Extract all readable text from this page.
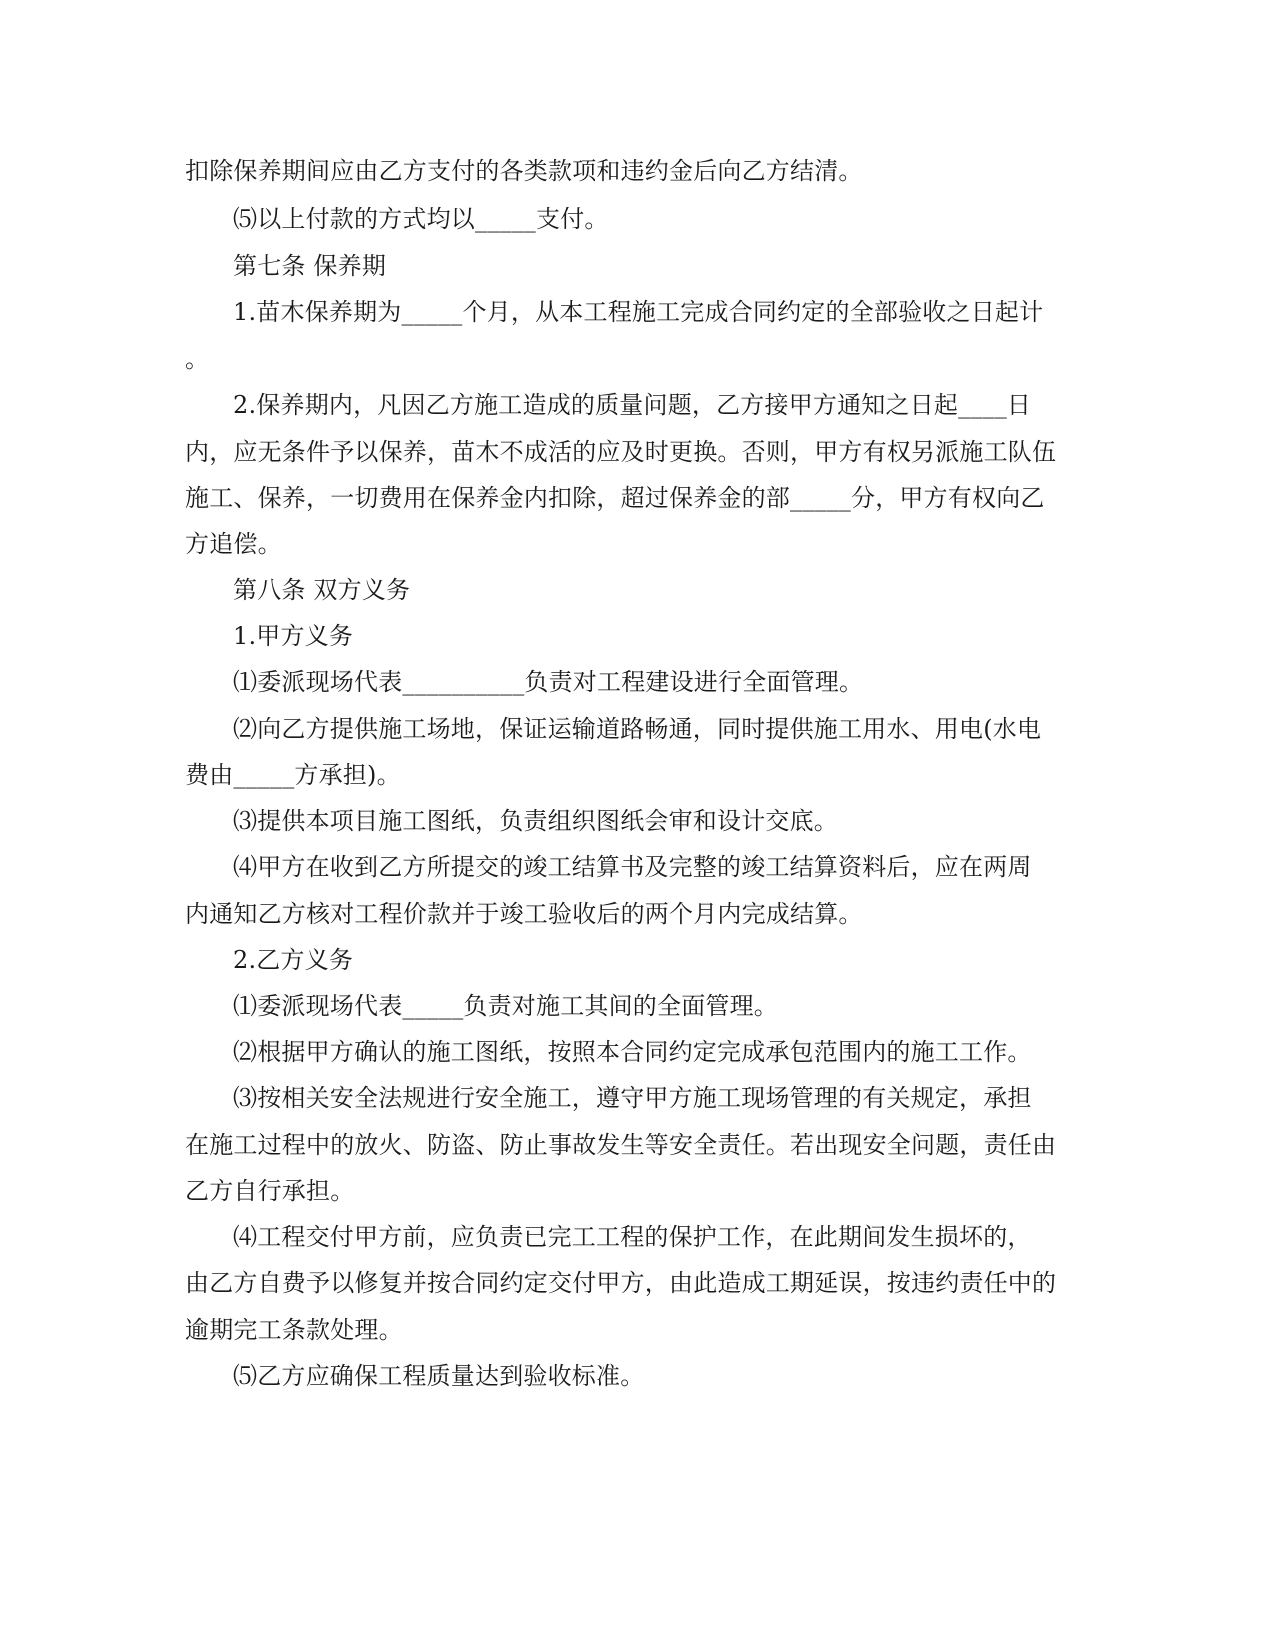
扣除保养期间应由乙方支付的各类款项和违约金后向乙方结清。

⑸以上付款的方式均以_____支付。

第七条 保养期

1.苗木保养期为_____个月，从本工程施工完成合同约定的全部验收之日起计

。

2.保养期内，凡因乙方施工造成的质量问题，乙方接甲方通知之日起____日

内，应无条件予以保养，苗木不成活的应及时更换。否则，甲方有权另派施工队伍

施工、保养，一切费用在保养金内扣除，超过保养金的部_____分，甲方有权向乙

方追偿。

第八条 双方义务

1.甲方义务

⑴委派现场代表__________负责对工程建设进行全面管理。

⑵向乙方提供施工场地，保证运输道路畅通，同时提供施工用水、用电(水电

费由_____方承担)。

⑶提供本项目施工图纸，负责组织图纸会审和设计交底。

⑷甲方在收到乙方所提交的竣工结算书及完整的竣工结算资料后，应在两周

内通知乙方核对工程价款并于竣工验收后的两个月内完成结算。

2.乙方义务

⑴委派现场代表_____负责对施工其间的全面管理。

⑵根据甲方确认的施工图纸，按照本合同约定完成承包范围内的施工工作。

⑶按相关安全法规进行安全施工，遵守甲方施工现场管理的有关规定，承担

在施工过程中的放火、防盗、防止事故发生等安全责任。若出现安全问题，责任由

乙方自行承担。

⑷工程交付甲方前，应负责已完工工程的保护工作，在此期间发生损坏的，

由乙方自费予以修复并按合同约定交付甲方，由此造成工期延误，按违约责任中的

逾期完工条款处理。

⑸乙方应确保工程质量达到验收标准。
